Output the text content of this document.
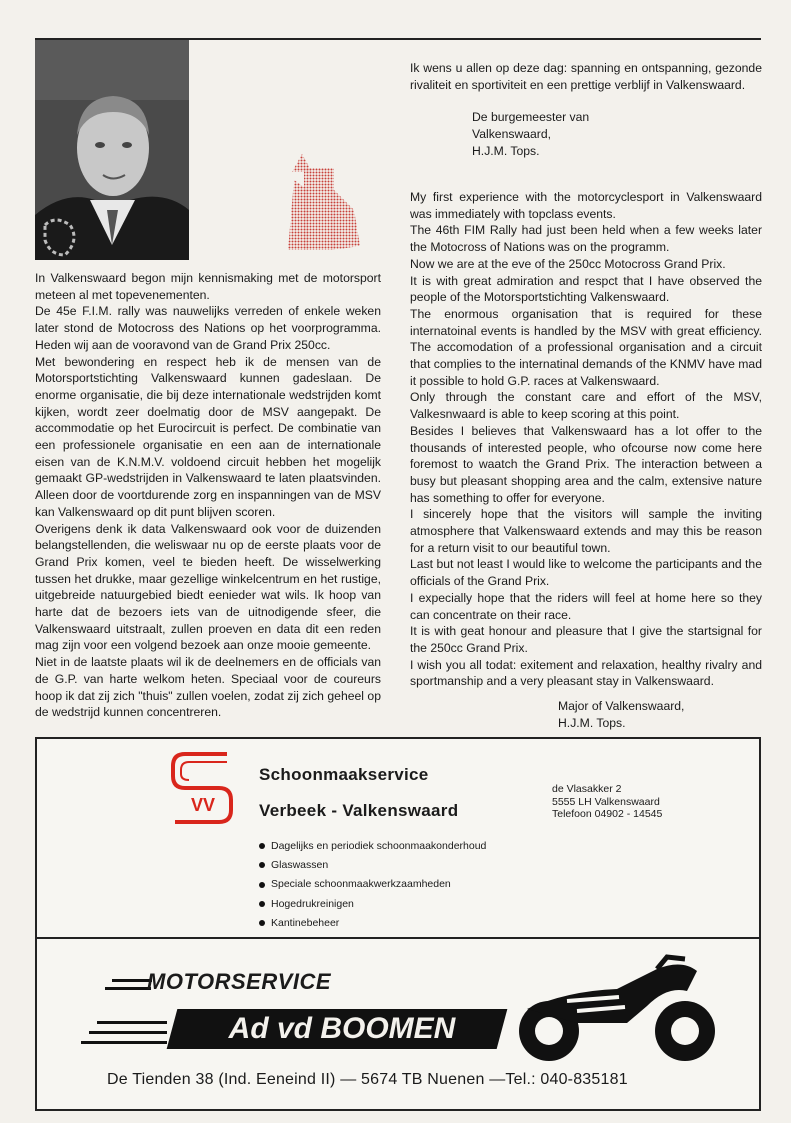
In Valkenswaard begon mijn kennismaking met de motorsport meteen al met topevenementen.

De 45e F.I.M. rally was nauwelijks verreden of enkele weken later stond de Motocross des Nations op het voorprogramma. Heden wij aan de vooravond van de Grand Prix 250cc.

Met bewondering en respect heb ik de mensen van de Motorsportstichting Valkenswaard kunnen gadeslaan. De enorme organisatie, die bij deze internationale wedstrijden komt kijken, wordt zeer doelmatig door de MSV aangepakt. De accommodatie op het Eurocircuit is perfect. De combinatie van een professionele organisatie en een aan de internationale eisen van de K.N.M.V. voldoend circuit hebben het mogelijk gemaakt GP-wedstrijden in Valkenswaard te laten plaatsvinden. Alleen door de voortdurende zorg en inspanningen van de MSV kan Valkenswaard op dit punt blijven scoren.

Overigens denk ik data Valkenswaard ook voor de duizenden belangstellenden, die weliswaar nu op de eerste plaats voor de Grand Prix komen, veel te bieden heeft. De wisselwerking tussen het drukke, maar gezellige winkelcentrum en het rustige, uitgebreide natuurgebied biedt eenieder wat wils. Ik hoop van harte dat de bezoers iets van de uitnodigende sfeer, die Valkenswaard uitstraalt, zullen proeven en data dit een reden mag zijn voor een volgend bezoek aan onze mooie gemeente.

Niet in de laatste plaats wil ik de deelnemers en de officials van de G.P. van harte welkom heten. Speciaal voor de coureurs hoop ik dat zij zich "thuis" zullen voelen, zodat zij zich geheel op de wedstrijd kunnen concentreren.

Ik wens u allen op deze dag: spanning en ontspanning, gezonde rivaliteit en sportiviteit en een prettige verblijf in Valkenswaard.

De burgemeester van Valkenswaard,
H.J.M. Tops.

My first experience with the motorcyclesport in Valkenswaard was immediately with topclass events.

The 46th FIM Rally had just been held when a few weeks later the Motocross of Nations was on the programm.

Now we are at the eve of the 250cc Motocross Grand Prix.

It is with great admiration and respct that I have observed the people of the Motorsportstichting Valkenswaard.

The enormous organisation that is required for these internatoinal events is handled by the MSV with great efficiency. The accomodation of a professional organisation and a circuit that complies to the internatinal demands of the KNMV have mad it possible to hold G.P. races at Valkenswaard.

Only through the constant care and effort of the MSV, Valkesnwaard is able to keep scoring at this point.

Besides I believes that Valkenswaard has a lot offer to the thousands of interested people, who ofcourse now come here foremost to waatch the Grand Prix. The interaction between a busy but pleasant shopping area and the calm, extensive nature has something to offer for everyone.

I sincerely hope that the visitors will sample the inviting atmosphere that Valkenswaard extends and may this be reason for a return visit to our beautiful town.

Last but not least I would like to welcome the participants and the officials of the Grand Prix.

I expecially hope that the riders will feel at home here so they can concentrate on their race.

It is with geat honour and pleasure that I give the startsignal for the 250cc Grand Prix.

I wish you all todat: exitement and relaxation, healthy rivalry and sportmanship and a very pleasant stay in Valkenswaard.

Major of Valkenswaard,
H.J.M. Tops.

VV
Schoonmaakservice
Verbeek - Valkenswaard
de Vlasakker 2
5555 LH Valkenswaard
Telefoon 04902 - 14545
Dagelijks en periodiek schoonmaakonderhoud
Glaswassen
Speciale schoonmaakwerkzaamheden
Hogedrukreinigen
Kantinebeheer
MOTORSERVICE
Ad vd BOOMEN
De Tienden 38 (Ind. Eeneind II) — 5674 TB Nuenen —Tel.: 040-835181
